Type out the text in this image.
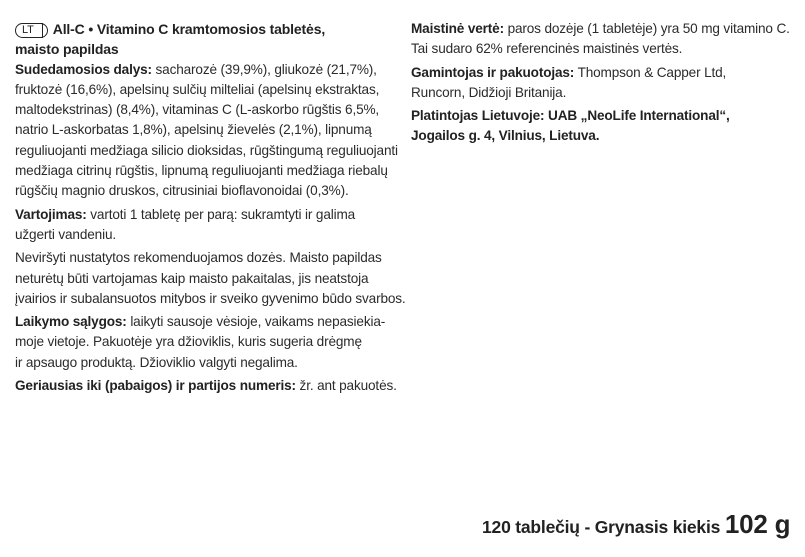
LT All-C • Vitamino C kramtomosios tabletės,
maisto papildas
Sudedamosios dalys: sacharozė (39,9%), gliukozė (21,7%),
fruktozė (16,6%), apelsinų sulčių milteliai (apelsinų ekstraktas,
maltodekstrinas) (8,4%), vitaminas C (L-askorbo rūgštis 6,5%,
natrio L-askorbatas 1,8%), apelsinų žievelės (2,1%), lipnumą
reguliuojanti medžiaga silicio dioksidas, rūgštingumą reguliuojanti
medžiaga citrinų rūgštis, lipnumą reguliuojanti medžiaga riebalų
rūgščių magnio druskos, citrusiniai bioflavonoidai (0,3%).
Vartojimas: vartoti 1 tabletę per parą: sukramtyti ir galima
užgerti vandeniu.
Neviršyti nustatytos rekomenduojamos dozės. Maisto papildas
neturėtų būti vartojamas kaip maisto pakaitalas, jis neatstoja
įvairios ir subalansuotos mitybos ir sveiko gyvenimo būdo svarbos.
Laikymo sąlygos: laikyti sausoje vėsioje, vaikams nepasiekia-
moje vietoje. Pakuotėje yra džioviklis, kuris sugeria drėgmę
ir apsaugo produktą. Džioviklio valgyti negalima.
Geriausias iki (pabaigos) ir partijos numeris: žr. ant pakuotės.
Maistinė vertė: paros dozėje (1 tabletėje) yra 50 mg vitamino C.
Tai sudaro 62% referencinės maistinės vertės.
Gamintojas ir pakuotojas: Thompson & Capper Ltd,
Runcorn, Didžioji Britanija.
Platintojas Lietuvoje: UAB „NeoLife International“,
Jogailos g. 4, Vilnius, Lietuva.
120 tablečių - Grynasis kiekis 102 g
